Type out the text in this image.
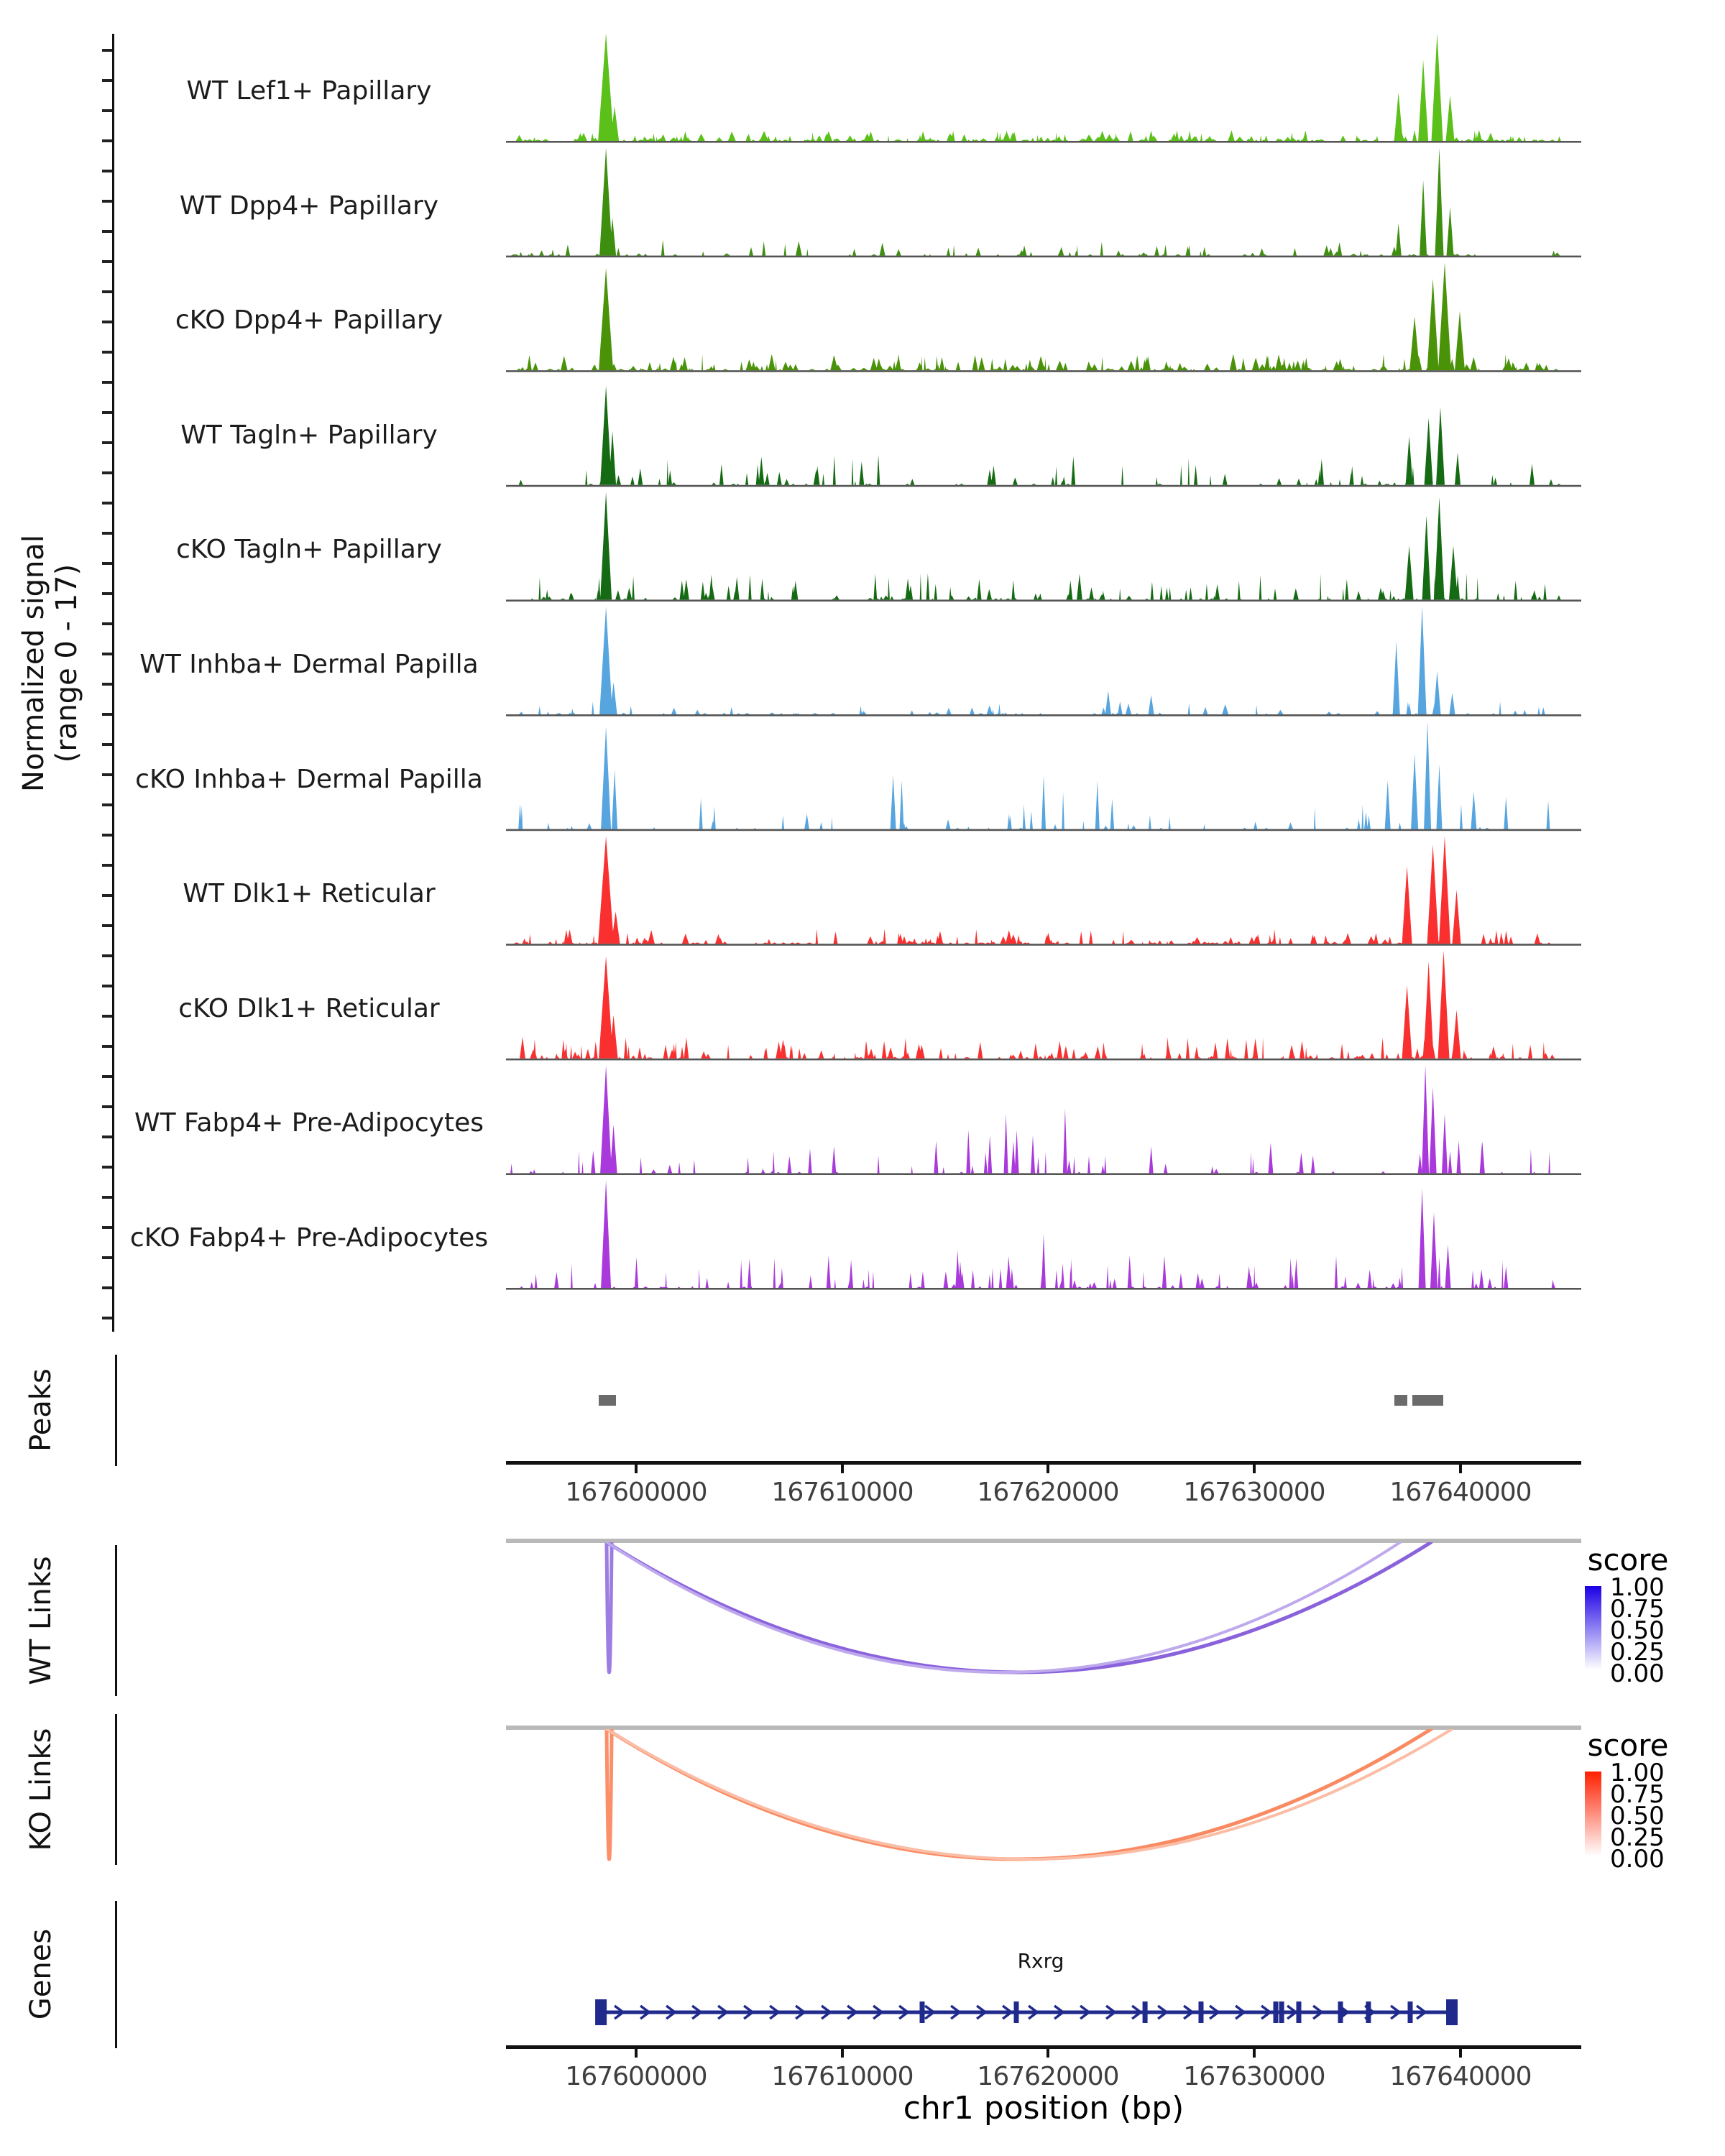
Normalized signal (range 0 - 17)
WT Lef1+ Papillary
WT Dpp4+ Papillary
cKO Dpp4+ Papillary
WT Tagln+ Papillary
cKO Tagln+ Papillary
WT Inhba+ Dermal Papilla
cKO Inhba+ Dermal Papilla
WT Dlk1+ Reticular
cKO Dlk1+ Reticular
WT Fabp4+ Pre-Adipocytes
cKO Fabp4+ Pre-Adipocytes
Peaks
167600000	167610000	167620000	167630000	167640000
WT Links	score
1.00
0.75
0.50
0.25
0.00
KO Links	score
1.00
0.75
0.50
0.25
0.00
Genes	Rxrg
167600000	167610000	167620000	167630000	167640000
chr1 position (bp)
